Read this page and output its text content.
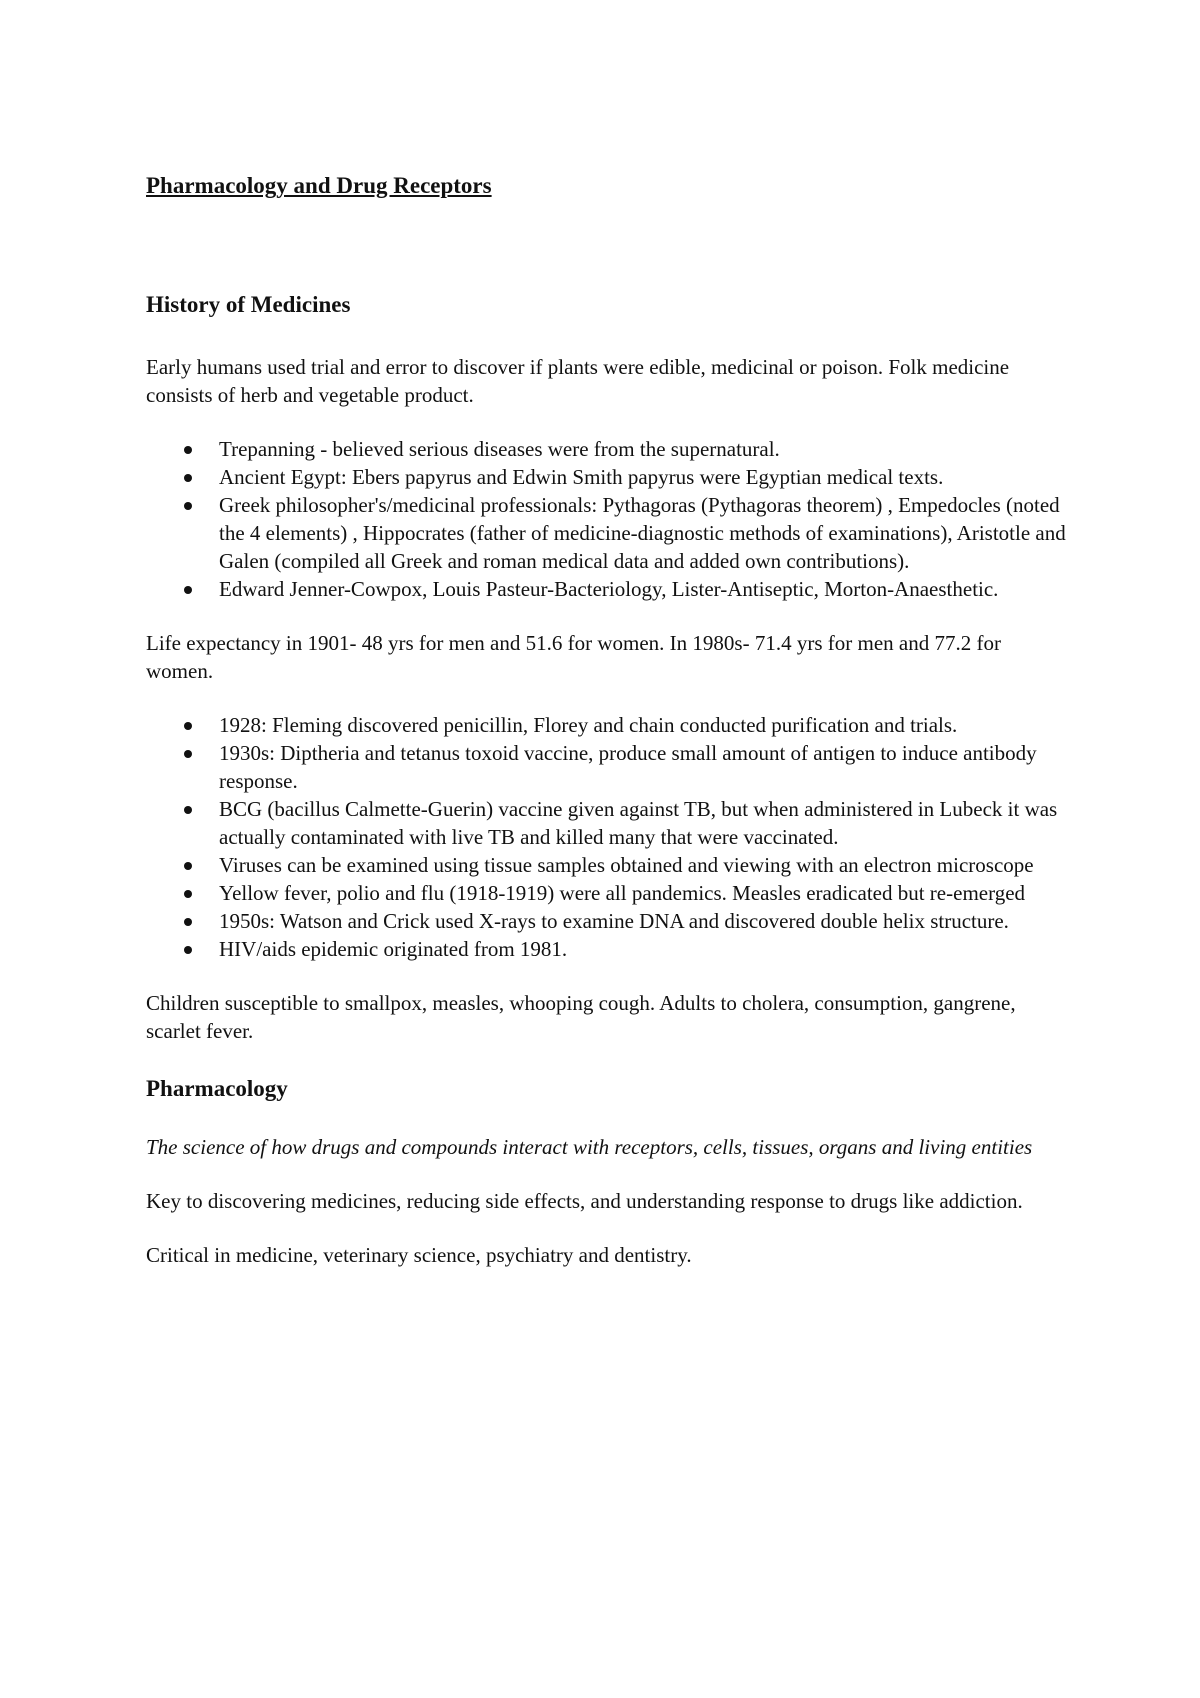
Pharmacology and Drug Receptors
History of Medicines

Early humans used trial and error to discover if plants were edible, medicinal or poison. Folk medicine consists of herb and vegetable product.

Trepanning - believed serious diseases were from the supernatural.
Ancient Egypt: Ebers papyrus and Edwin Smith papyrus were Egyptian medical texts.
Greek philosopher's/medicinal professionals: Pythagoras (Pythagoras theorem) , Empedocles (noted the 4 elements) , Hippocrates (father of medicine-diagnostic methods of examinations), Aristotle and Galen (compiled all Greek and roman medical data and added own contributions).
Edward Jenner-Cowpox, Louis Pasteur-Bacteriology, Lister-Antiseptic, Morton-Anaesthetic.

Life expectancy in 1901- 48 yrs for men and 51.6 for women. In 1980s- 71.4 yrs for men and 77.2 for women.

1928: Fleming discovered penicillin, Florey and chain conducted purification and trials.
1930s: Diptheria and tetanus toxoid vaccine, produce small amount of antigen to induce antibody response.
BCG (bacillus Calmette-Guerin) vaccine given against TB, but when administered in Lubeck it was actually contaminated with live TB and killed many that were vaccinated.
Viruses can be examined using tissue samples obtained and viewing with an electron microscope
Yellow fever, polio and flu (1918-1919) were all pandemics. Measles eradicated but re-emerged
1950s: Watson and Crick used X-rays to examine DNA and discovered double helix structure.
HIV/aids epidemic originated from 1981.

Children susceptible to smallpox, measles, whooping cough. Adults to cholera, consumption, gangrene, scarlet fever.

Pharmacology

The science of how drugs and compounds interact with receptors, cells, tissues, organs and living entities

Key to discovering medicines, reducing side effects, and understanding response to drugs like addiction.

Critical in medicine, veterinary science, psychiatry and dentistry.
